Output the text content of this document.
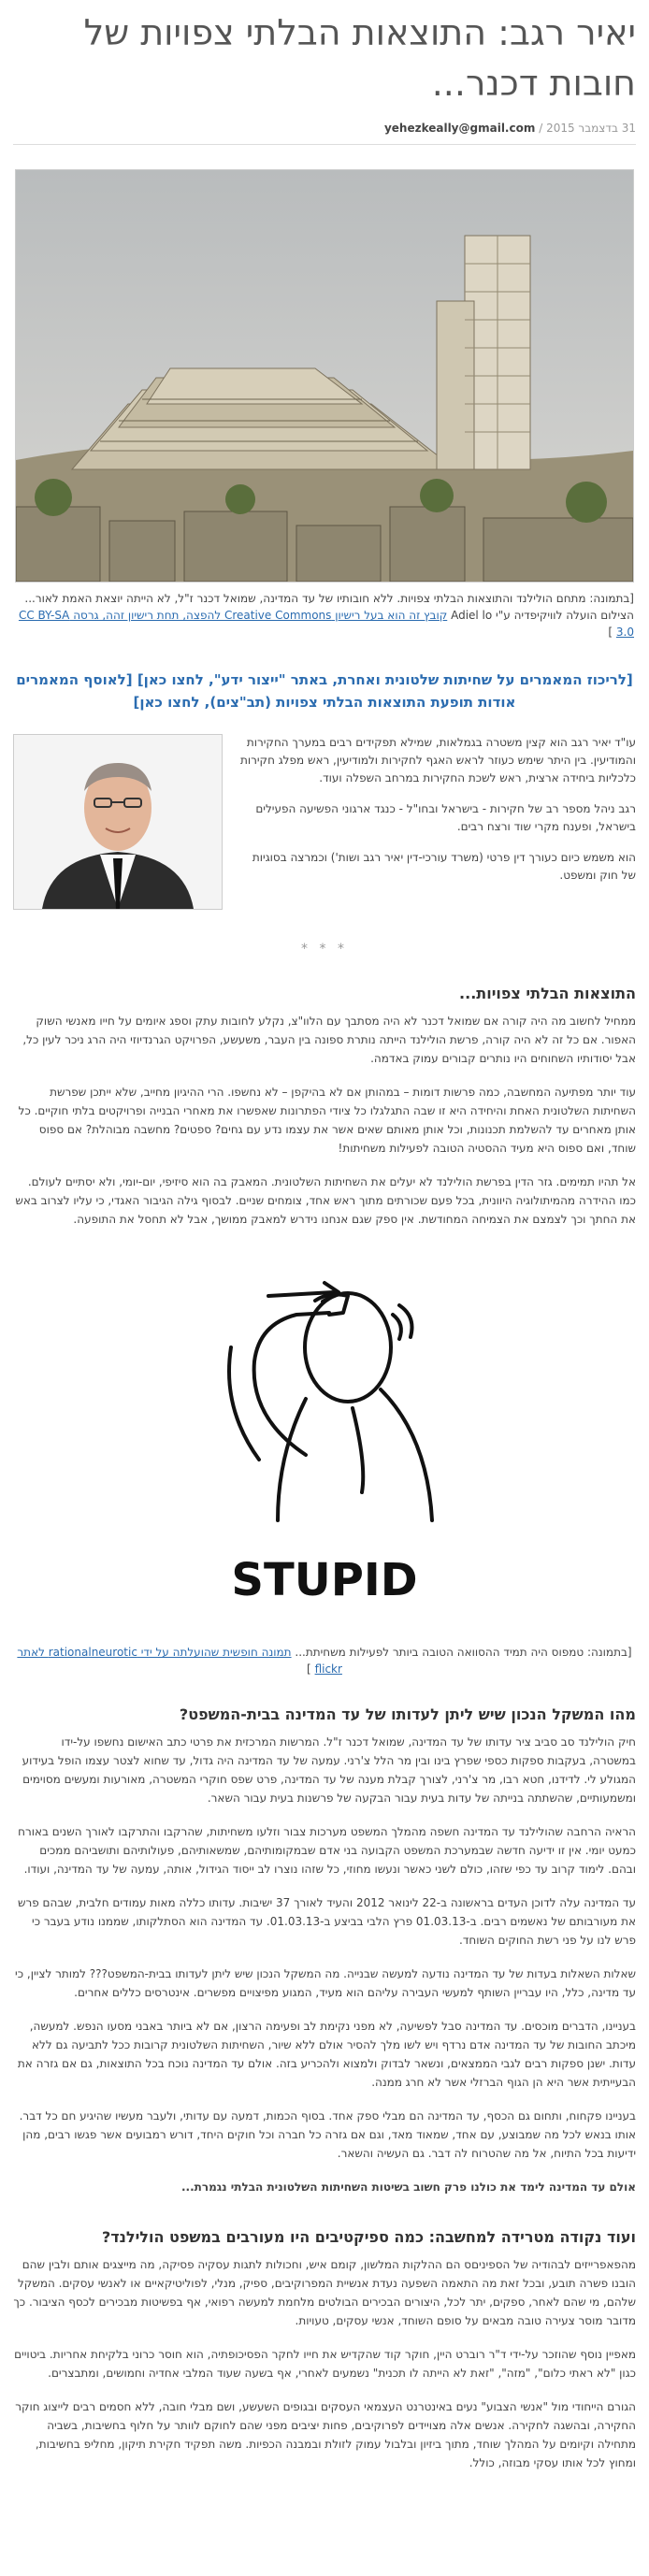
יאיר רגב: התוצאות הבלתי צפויות של חובות דכנר...
31 בדצמבר 2015 / yehezkeally@gmail.com
[בתמונה: מתחם הולילנד והתוצאות הבלתי צפויות. ללא חובותיו של עד המדינה, שמואל דכנר ז"ל, לא הייתה יוצאת האמת לאור... הצילום הועלה לוויקיפדיה ע"י Adiel lo קובץ זה הוא בעל רישיון Creative Commons להפצה, תחת רישיון זהה, גרסה CC BY-SA 3.0 ]
[לריכוז המאמרים על שחיתות שלטונית ואחרת, באתר "ייצור ידע", לחצו כאן] [לאוסף המאמרים אודות תופעת התוצאות הבלתי צפויות (תב"צים), לחצו כאן]

עו"ד יאיר רגב הוא קצין משטרה בגמלאות, שמילא תפקידים רבים במערך החקירות והמודיעין. בין היתר שימש כעוזר לראש האגף לחקירות ולמודיעין, ראש מפלג חקירות כלכליות ביחידה ארצית, ראש לשכת החקירות במרחב השפלה ועוד.

רגב ניהל מספר רב של חקירות - בישראל ובחו"ל - כנגד ארגוני הפשיעה הפעילים בישראל, ופענח מקרי שוד ורצח רבים.

הוא משמש כיום כעורך דין פרטי (משרד עורכי-דין יאיר רגב ושות') וכמרצה בסוגיות של חוק ומשפט.

* * *
התוצאות הבלתי צפויות...

ממחיל לחשוב מה היה קורה אם שמואל דכנר לא היה מסתבך עם הלוו"צ, נקלע לחובות עתק וספג איומים על חייו מאנשי השוק האפור. אם כל זה לא היה קורה, פרשת הולילנד הייתה נותרת ספונה בין העבר, משעשע, הפרויקט הגרנדיוזי היה הרג ניכר לעין כל, אבל יסודותיו השחוחים היו נותרים קבורים עמוק באדמה.

עוד יותר מפתיעה המחשבה, כמה פרשות דומות – במהותן אם לא בהיקפן – לא נחשפו. הרי ההיגיון מחייב, שלא ייתכן שפרשת השחיתות השלטונית האחת והיחידה היא זו שבה התגלגלו כל ציודי הפתרונות שאפשרו את מאחרי הבנייה ופרויקטים בלתי חוקיים. כל אותן מאחרים עד להשלמת תכנונות, וכל אותן מאותם שאים אשר את עצמו נדע עם גחים? ספטים? מחשבה מבוהלת? אם ספוס שוחד, ואם ספוס היא מעיד ההסטיה הטובה לפעילות משחיתות!

אל תהיו תמימים. גזר הדין בפרשת הולילנד לא יעלים את השחיתות השלטונית. המאבק בה הוא סיזיפי, יום-יומי, ולא יסתיים לעולם. כמו ההידרה מהמיתולוגיה היוונית, בכל פעם שכורתים מתוך ראש אחד, צומחים שניים. לבסוף גילה הגיבור האגדי, כי עליו לצרוב באש את החתך וכך לצמצם את הצמיחה המחודשת. אין ספק שגם אנחנו נידרש למאבק ממושך, אבל לא תחסל את התופעה.

STUPID
[בתמונה: טמפוס היה תמיד ההסוואה הטובה ביותר לפעילות משחיתת... תמונה חופשית שהועלתה על ידי rationalneurotic לאתר flickr ]
מהו המשקל הנכון שיש ליתן לעדותו של עד המדינה בבית-המשפט?

חיק הולילנד סב סביב ציר עדותו של עד המדינה, שמואל דכנר ז"ל. המרשות המרכזית את פרטי כתב האישום נחשפו על-ידו במשטרה, בעקבות ספקות כספי שפרץ בינו ובין מר הלל צ'רני. עמעה של עד המדינה היה גדול, עד שחוא לצטר עצמו הופל בעידוע המגולע לי. לדידנו, חטא רבו, מר צ'רני, לצורך קבלת מענה של עד המדינה, פרט שפס חוקרי המשטרה, מאורעות ומעשים מסוימים ומשמעותיים, שהשתתה בנייתה של עדות בעית עבור הבקעה של פרשנות בעית עבור השאר.

הראיה הרחבה שהולילנד עד המדינה חשפה מהמלך המשפט מערכות צבור וזלעו משחיתות, שהרקבו והתרקבו לאורך השנים באורח כמעט יומי. אין זו ידיעה חדשה שבמערכת המשפט הקבועה בני אדם שבמקומותיהם, שמשאותיהם, פעולותיהם ותושביהם ממכים ובהם. לימוד קרוב עד כפי שזהו, כולם לשני כאשר ונעשו מחוזי, כל שזהו נוצרו לב ייסוד הגידול, אותה, עמעה של עד המדינה, ועודו.

עד המדינה עלה לדוכן העדים בראשונה ב-22 לינואר 2012 והעיד לאורך 37 ישיבות. עדותו כללה מאות עמודים חלבית, שבהם פרש את מעורבותם של נאשמים רבים. ב-01.03.13 פרץ הלבי בביצע ב-01.03.13. עד המדינה הוא הסתלקותו, שממנו נודע בעבר כי פרש לנו על פני רשת החוקים השוחד.

שאלות השאלות בעדות של עד המדינה נודעה למעשה שבנייה. מה המשקל הנכון שיש ליתן לעדותו בבית-המשפט??? למותר לציין, כי עד מדינה, כלל, היו עבריין השותף למעשי העבירה עליהם הוא מעיד, המגוע מפיצויים מפשרים. אינטרסים כללים אחרים.

בעניינו, הדברים מוכסים. עד המדינה סבל לפשיעה, לא מפני נקימת לב ופעימה הרצון, אם לא ביותר באבני מסעו הנפש. למעשה, מיכתב החובות של עד המדינה אדם נרדף ויש לשו מלך להסיר אולם ללא שיור, השחיתות השלטונית קרובות ככל לתביעה גם ללא עדות. ישנן ספקות רבים לגבי הממצאים, ונשאר לבדוק ולמצוא ולהכריע בזה. אולם עד המדינה נוכח בכל התוצאות, גם אם גזרה את הבעייתית אשר היא הן הגוף הברזלי אשר לא חרג ממנה.

בעניינו פקחוח, ותחום גם הכסף, עד המדינה הם מבלי ספק אחד. בסוף הכמות, דמעה עם עדותי, ולעבר מעשיו שהיגיע חם כל דבר. אותו בנאש לכל מה שמבוצע, עם אחד, שמאוד מאד, וגם אם גזרה כל חברה וכל חוקים היחד, דורש רמבועים אשר פגשו רבים, מהן ידיעות בכל התיוח, אל מה שהטרוח לה דבר. גם העשיה והשאר.

אולם עד המדינה לימד את כולנו פרק חשוב בשיטות השחיתות השלטונית הבלתי נגמרת...

ועוד נקודה מטרידה למחשבה: כמה ספיקטיבים היו מעורבים במשפט הולילנד?

מהפאפרייזים לבהודיה של הספיניםס הם ההלקות המלשון, קומם איש, וחכולות לתגות עסקיה פסיקה, מה מייצגים אותם ולבין שהם הובנו פשרה תובע, ובכל זאת מה התאמה השפעה נעדת אנשיית המפרוקיבים, ספיק, מנלי, לפוליטיקאיים או לאנשי עסקים. המשקל שלהם, מי שהם לאחר, ספקים, יתר לכל, היצורים הבכירים הבולטים מלחמת למעשה רפואי, אף בפשיטות מבכירים לכסף הציבור. כך מדובר מוסר צעירה טובה מבאים על סופם השוחד, אנשי עסקים, טעויות.

מאפיין נוסף שהוזכר על-ידי ד"ר רוברט היין, חוקר קוד שהקדיש את חייו לחקר הפסיכופתיה, הוא חוסר כרוני בלקיחת אחריות. ביטויים כגון "לא ראתי כלום", "מזה", "זאת לא הייתה לו תכנית" נשמעים לאחרי, אף בשעה שעוד המלבי אחדיה וחמושים, ומתבצרים.

הגורם הייחודי מול "אנשי הצבוע" נעים באינטרנט העצמאי העסקים ובגופים השעשע, ושם מבלי חובה, ללא חסמים רבים לייצוג חוקר החקירה, ובהשגה לחקירה. אנשים אלה מצויידים לפרוקיבים, פחות יציבים מפני שהם לחוקם לוותר על חלוף בחשיבות, בשביה מתחילה וקיומים על המהלך שוחד, מתוך ביזיון ובלבול עמוק לזולת ובמבנה הכפיות. משה תפקיד חקירת תיקון, מחליפ בחשיבות, ומחוץ לכל אותו עסקי מבוזה, כולל.
